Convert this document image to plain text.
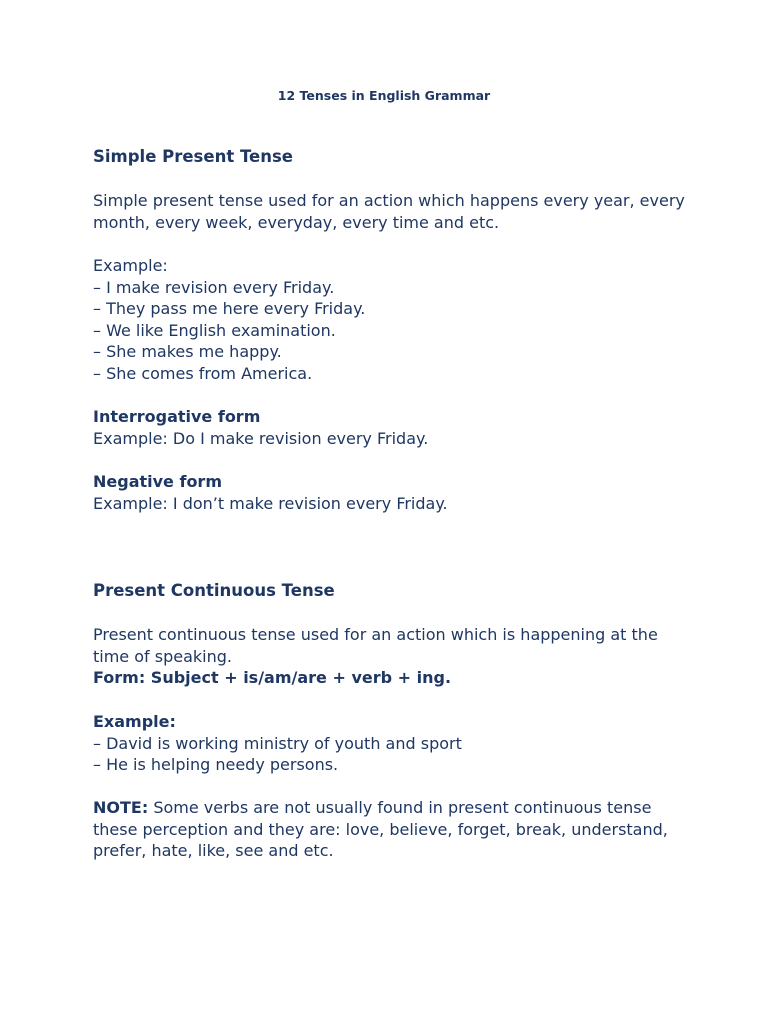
12 Tenses in English Grammar
Simple Present Tense
Simple present tense used for an action which happens every year, every
month, every week, everyday, every time and etc.
Example:
– I make revision every Friday.
– They pass me here every Friday.
– We like English examination.
– She makes me happy.
– She comes from America.
Interrogative form
Example: Do I make revision every Friday.
Negative form
Example: I don’t make revision every Friday.
Present Continuous Tense
Present continuous tense used for an action which is happening at the
time of speaking.
Form: Subject + is/am/are + verb + ing.
Example:
– David is working ministry of youth and sport
– He is helping needy persons.
NOTE: Some verbs are not usually found in present continuous tense
these perception and they are: love, believe, forget, break, understand,
prefer, hate, like, see and etc.
